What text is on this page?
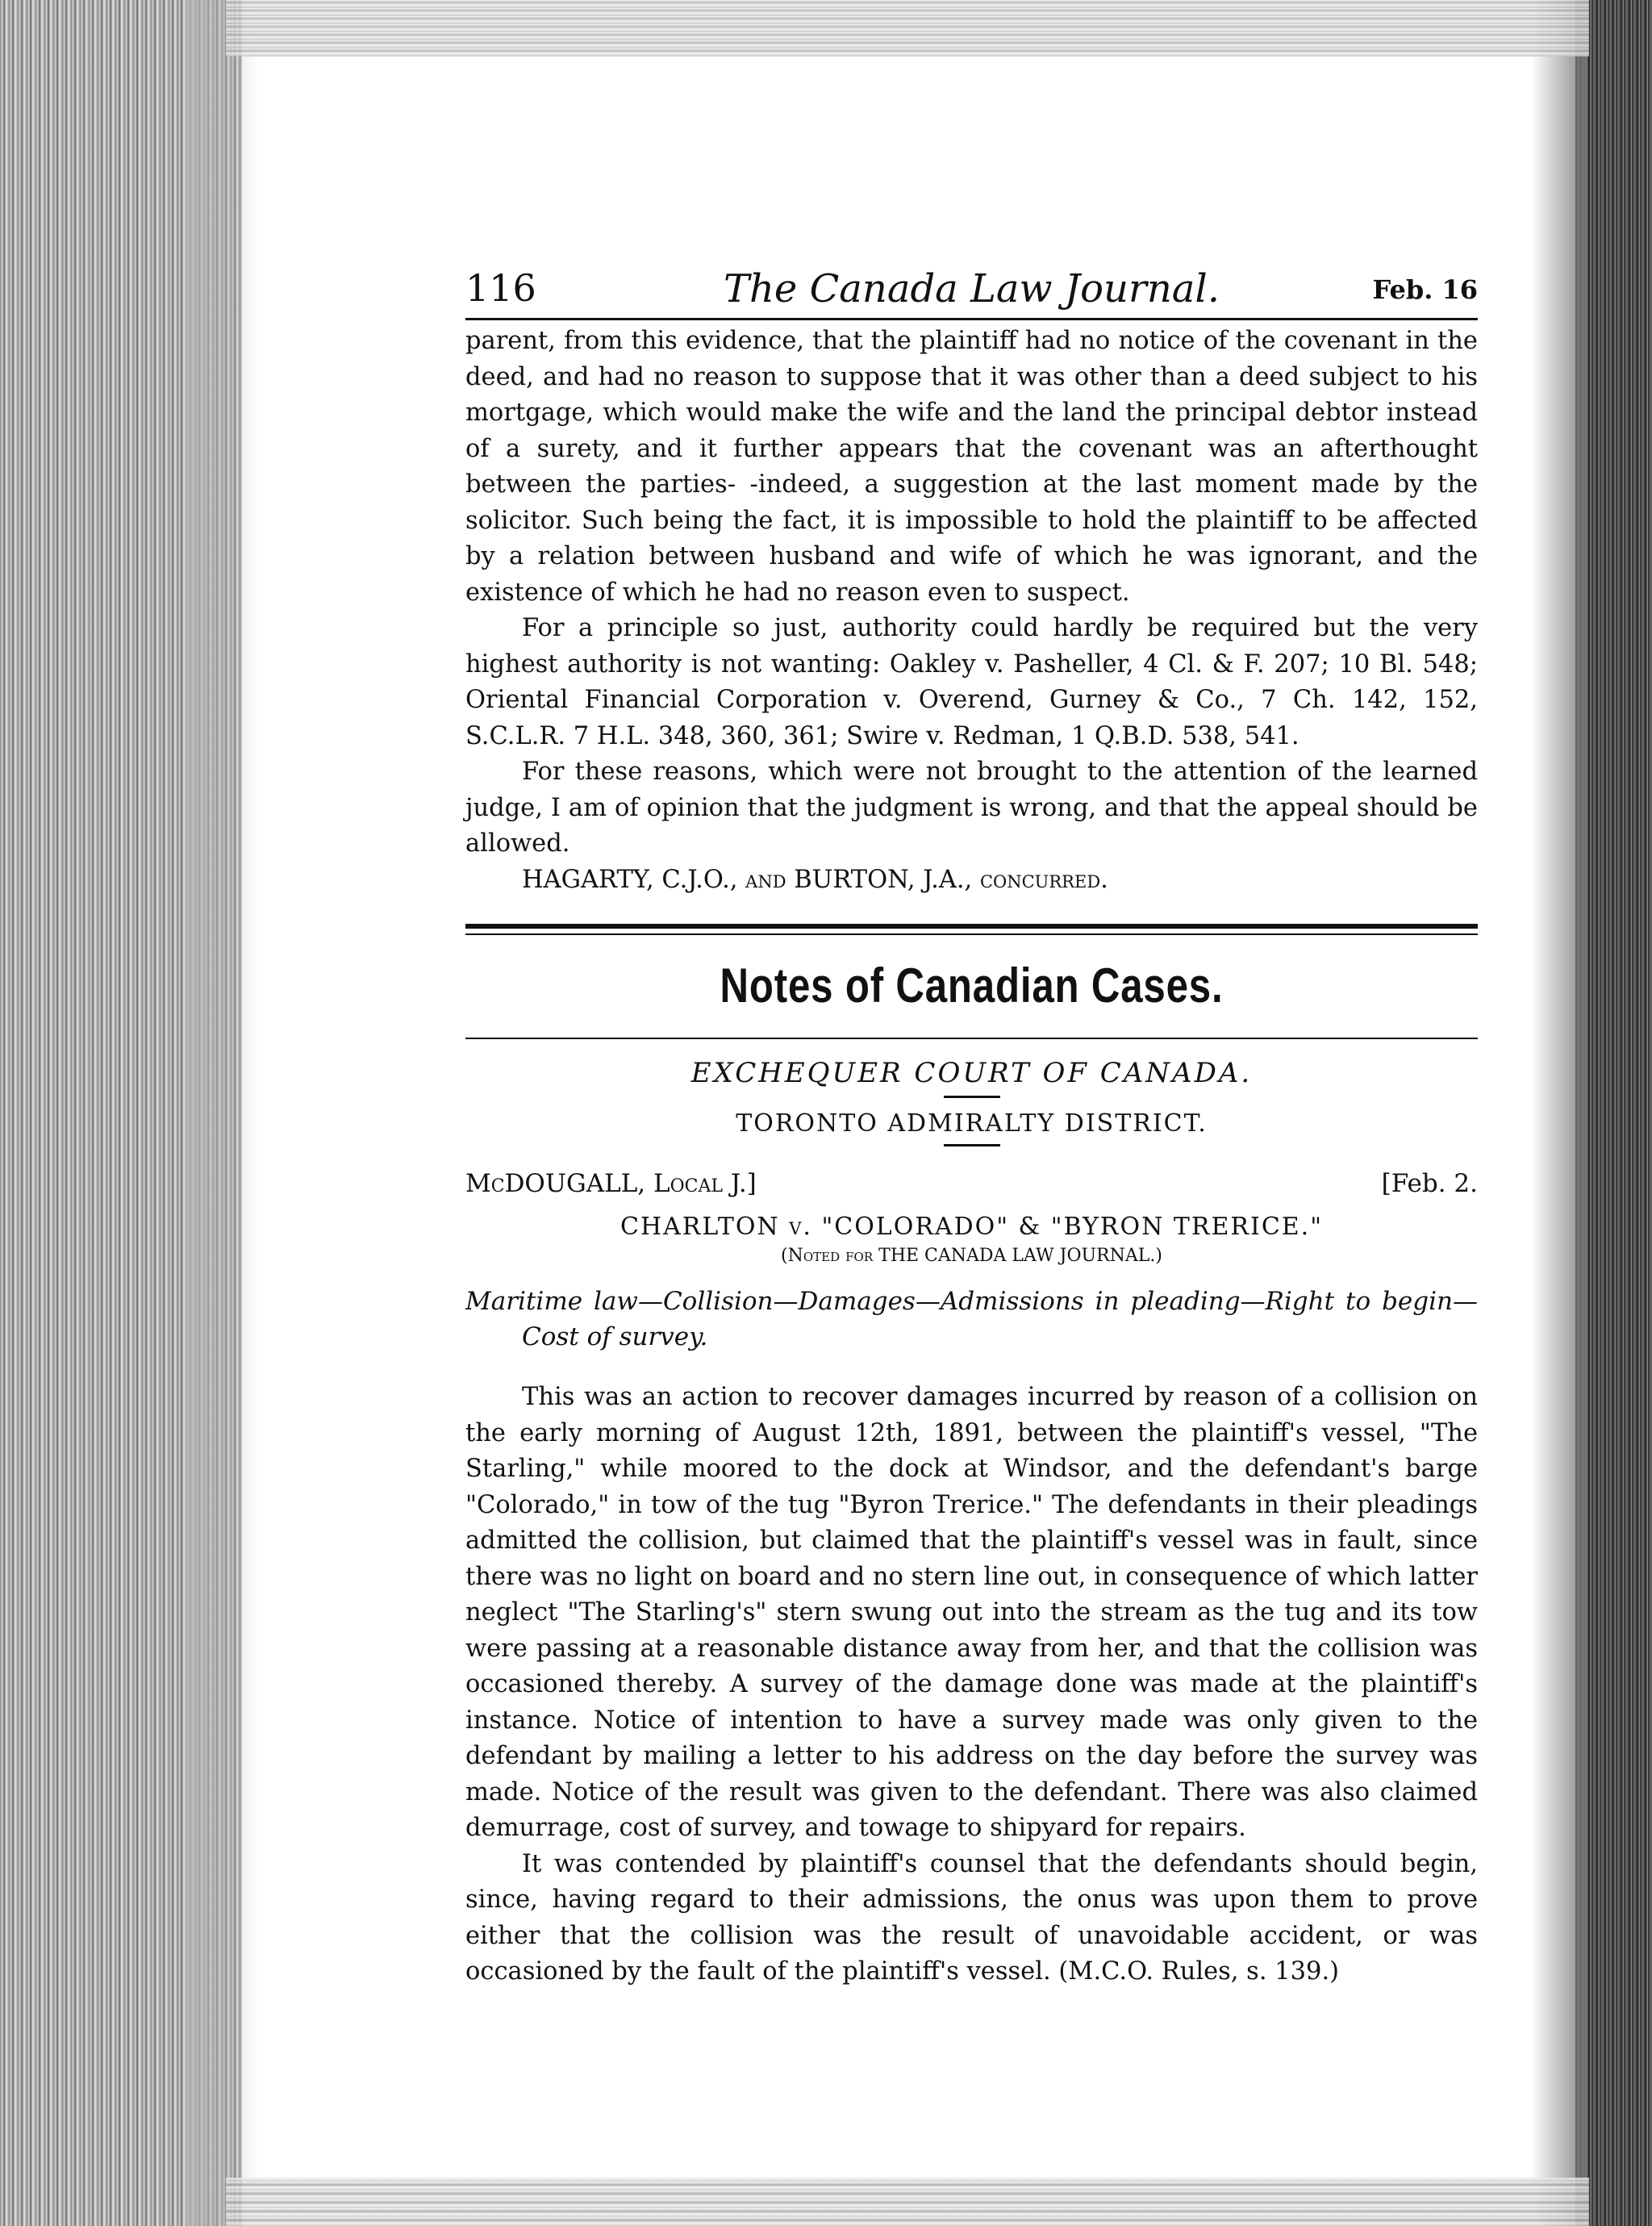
116	The Canada Law Journal.	Feb. 16

parent, from this evidence, that the plaintiff had no notice of the covenant in the deed, and had no reason to suppose that it was other than a deed subject to his mortgage, which would make the wife and the land the principal debtor instead of a surety, and it further appears that the covenant was an afterthought between the parties- -indeed, a suggestion at the last moment made by the solicitor. Such being the fact, it is impossible to hold the plaintiff to be affected by a relation between husband and wife of which he was ignorant, and the existence of which he had no reason even to suspect.

For a principle so just, authority could hardly be required but the very highest authority is not wanting: Oakley v. Pasheller, 4 Cl. & F. 207; 10 Bl. 548; Oriental Financial Corporation v. Overend, Gurney & Co., 7 Ch. 142, 152, S.C.L.R. 7 H.L. 348, 360, 361; Swire v. Redman, 1 Q.B.D. 538, 541.

For these reasons, which were not brought to the attention of the learned judge, I am of opinion that the judgment is wrong, and that the appeal should be allowed.

HAGARTY, C.J.O., and BURTON, J.A., concurred.

Notes of Canadian Cases.
EXCHEQUER COURT OF CANADA.
TORONTO ADMIRALTY DISTRICT.
McDOUGALL, Local J.]	[Feb. 2.
CHARLTON v. "COLORADO" & "BYRON TRERICE."
(Noted for THE CANADA LAW JOURNAL.)

Maritime law—Collision—Damages—Admissions in pleading—Right to begin—Cost of survey.

This was an action to recover damages incurred by reason of a collision on the early morning of August 12th, 1891, between the plaintiff's vessel, "The Starling," while moored to the dock at Windsor, and the defendant's barge "Colorado," in tow of the tug "Byron Trerice." The defendants in their pleadings admitted the collision, but claimed that the plaintiff's vessel was in fault, since there was no light on board and no stern line out, in consequence of which latter neglect "The Starling's" stern swung out into the stream as the tug and its tow were passing at a reasonable distance away from her, and that the collision was occasioned thereby. A survey of the damage done was made at the plaintiff's instance. Notice of intention to have a survey made was only given to the defendant by mailing a letter to his address on the day before the survey was made. Notice of the result was given to the defendant. There was also claimed demurrage, cost of survey, and towage to shipyard for repairs.

It was contended by plaintiff's counsel that the defendants should begin, since, having regard to their admissions, the onus was upon them to prove either that the collision was the result of unavoidable accident, or was occasioned by the fault of the plaintiff's vessel. (M.C.O. Rules, s. 139.)
